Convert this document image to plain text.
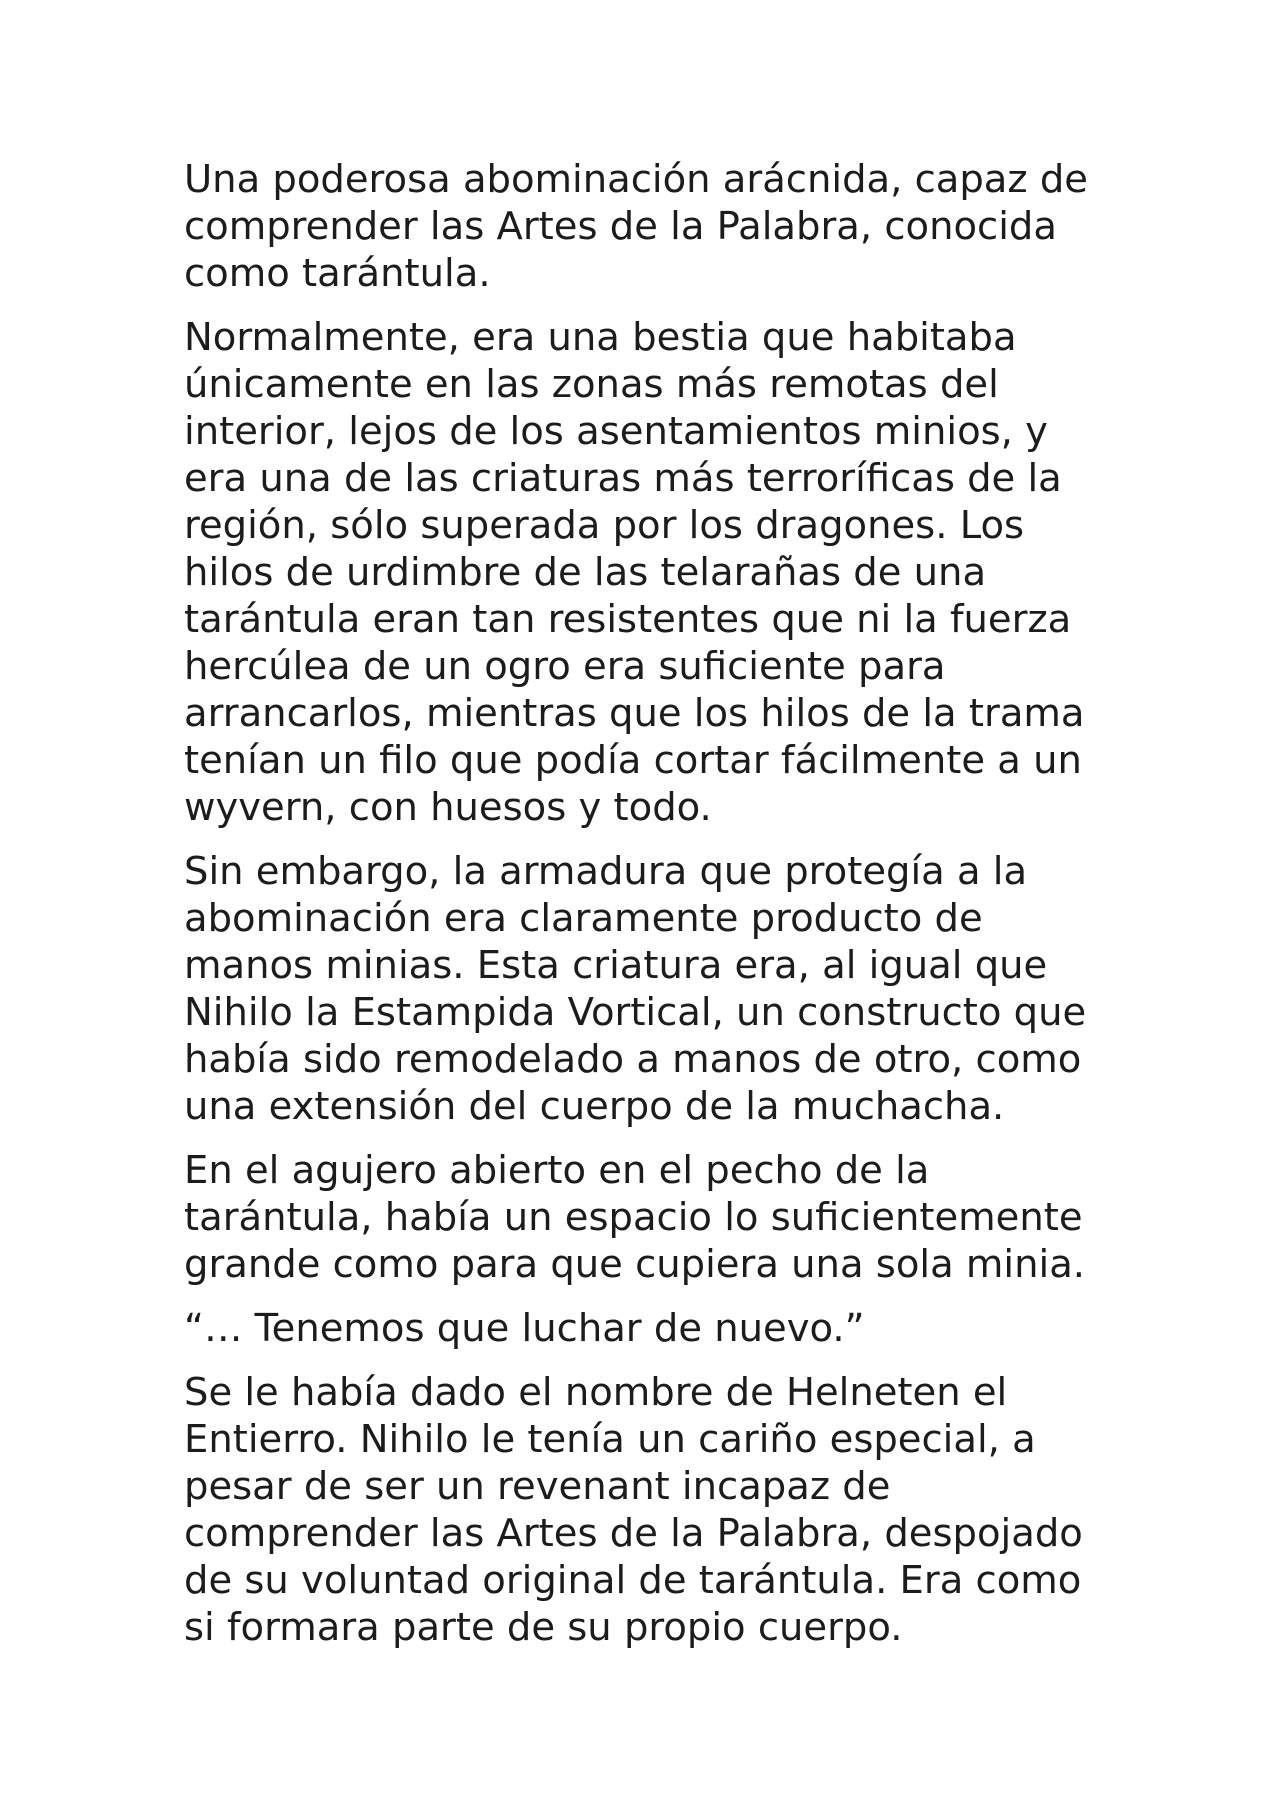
Una poderosa abominación arácnida, capaz de
comprender las Artes de la Palabra, conocida
como tarántula.

Normalmente, era una bestia que habitaba
únicamente en las zonas más remotas del
interior, lejos de los asentamientos minios, y
era una de las criaturas más terroríficas de la
región, sólo superada por los dragones. Los
hilos de urdimbre de las telarañas de una
tarántula eran tan resistentes que ni la fuerza
hercúlea de un ogro era suficiente para
arrancarlos, mientras que los hilos de la trama
tenían un filo que podía cortar fácilmente a un
wyvern, con huesos y todo.

Sin embargo, la armadura que protegía a la
abominación era claramente producto de
manos minias. Esta criatura era, al igual que
Nihilo la Estampida Vortical, un constructo que
había sido remodelado a manos de otro, como
una extensión del cuerpo de la muchacha.

En el agujero abierto en el pecho de la
tarántula, había un espacio lo suficientemente
grande como para que cupiera una sola minia.

“… Tenemos que luchar de nuevo.”

Se le había dado el nombre de Helneten el
Entierro. Nihilo le tenía un cariño especial, a
pesar de ser un revenant incapaz de
comprender las Artes de la Palabra, despojado
de su voluntad original de tarántula. Era como
si formara parte de su propio cuerpo.
